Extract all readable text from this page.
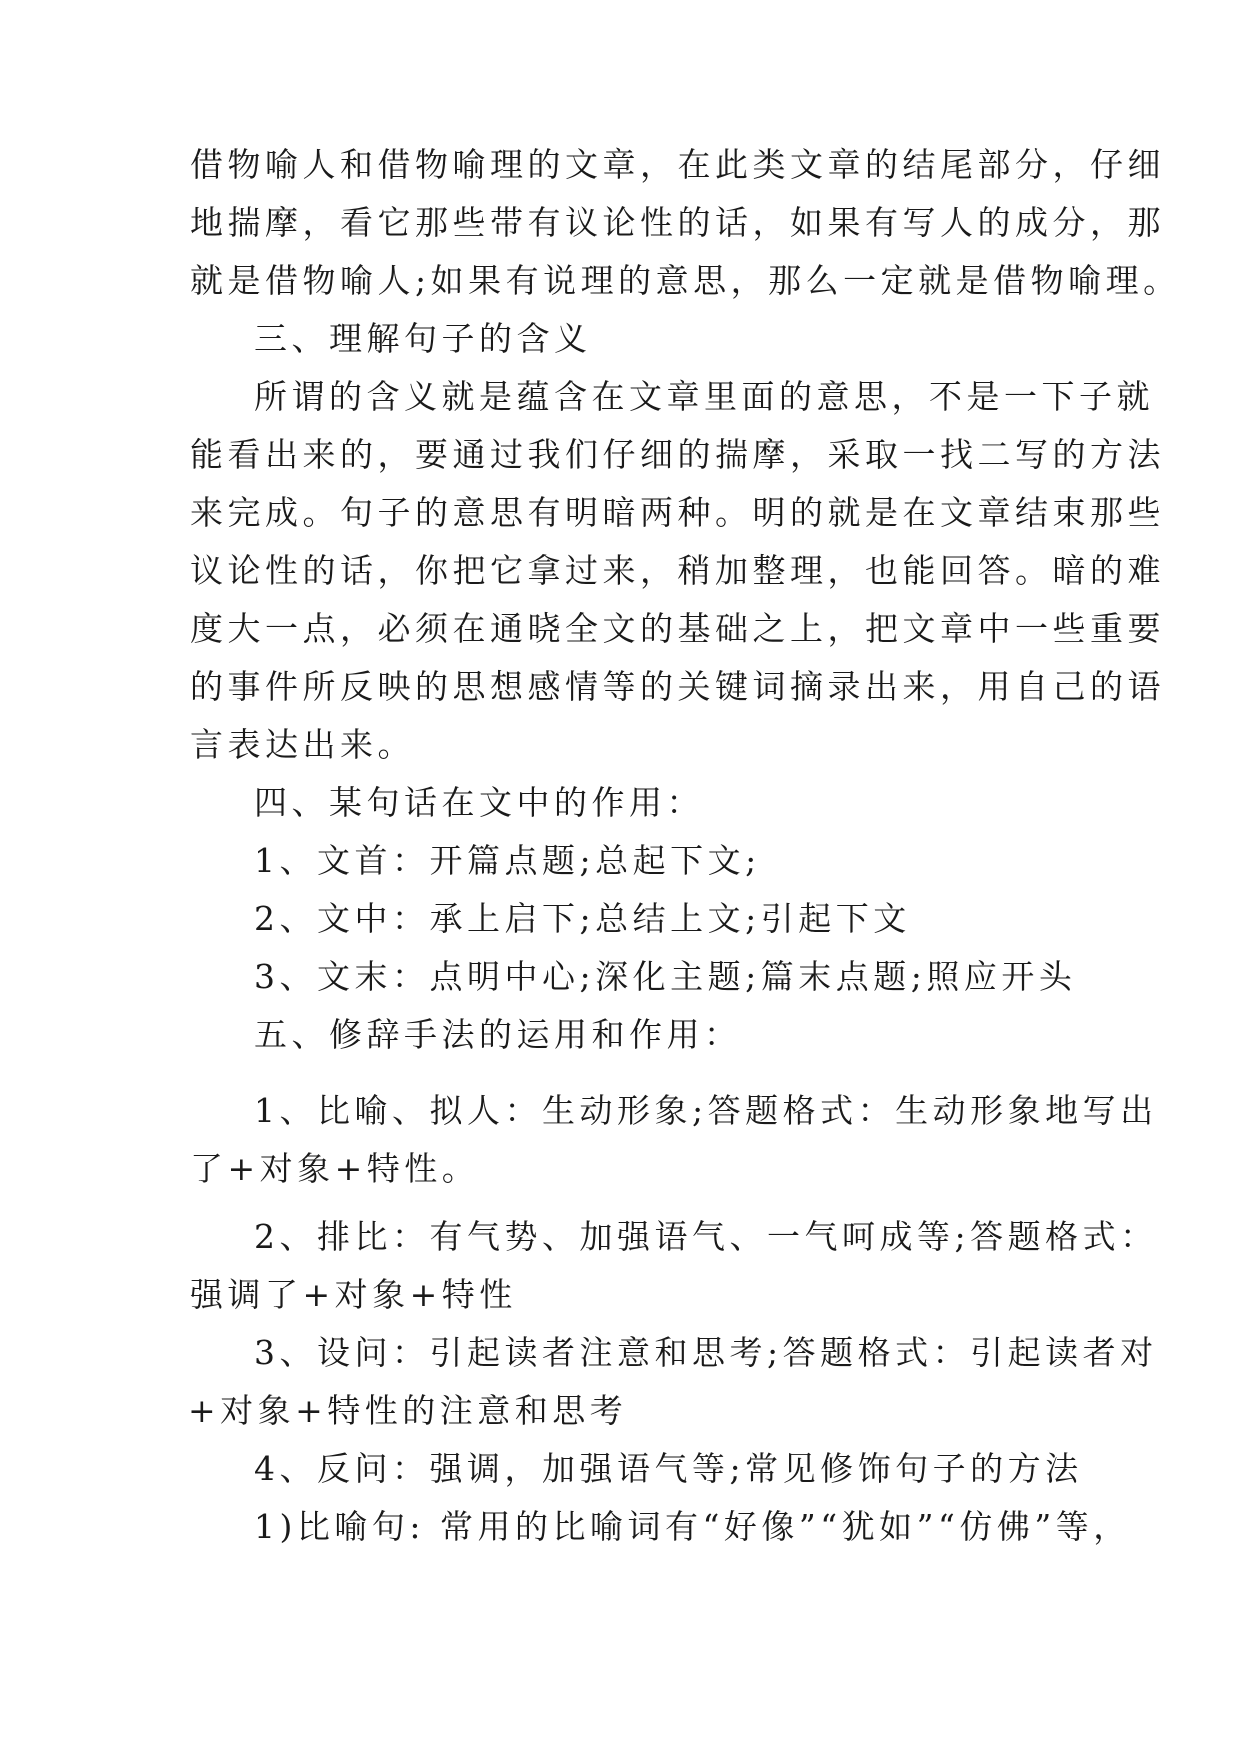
借物喻人和借物喻理的文章，在此类文章的结尾部分，仔细
地揣摩，看它那些带有议论性的话，如果有写人的成分，那
就是借物喻人;如果有说理的意思，那么一定就是借物喻理。
三、理解句子的含义
所谓的含义就是蕴含在文章里面的意思，不是一下子就
能看出来的，要通过我们仔细的揣摩，采取一找二写的方法
来完成。句子的意思有明暗两种。明的就是在文章结束那些
议论性的话，你把它拿过来，稍加整理，也能回答。暗的难
度大一点，必须在通晓全文的基础之上，把文章中一些重要
的事件所反映的思想感情等的关键词摘录出来，用自己的语
言表达出来。
四、某句话在文中的作用：
1、文首：开篇点题;总起下文;
2、文中：承上启下;总结上文;引起下文
3、文末：点明中心;深化主题;篇末点题;照应开头
五、修辞手法的运用和作用：
1、比喻、拟人：生动形象;答题格式：生动形象地写出
了+对象+特性。
2、排比：有气势、加强语气、一气呵成等;答题格式：
强调了+对象+特性
3、设问：引起读者注意和思考;答题格式：引起读者对
+对象+特性的注意和思考
4、反问：强调，加强语气等;常见修饰句子的方法
1)比喻句: 常用的比喻词有“好像”“犹如”“仿佛”等，
